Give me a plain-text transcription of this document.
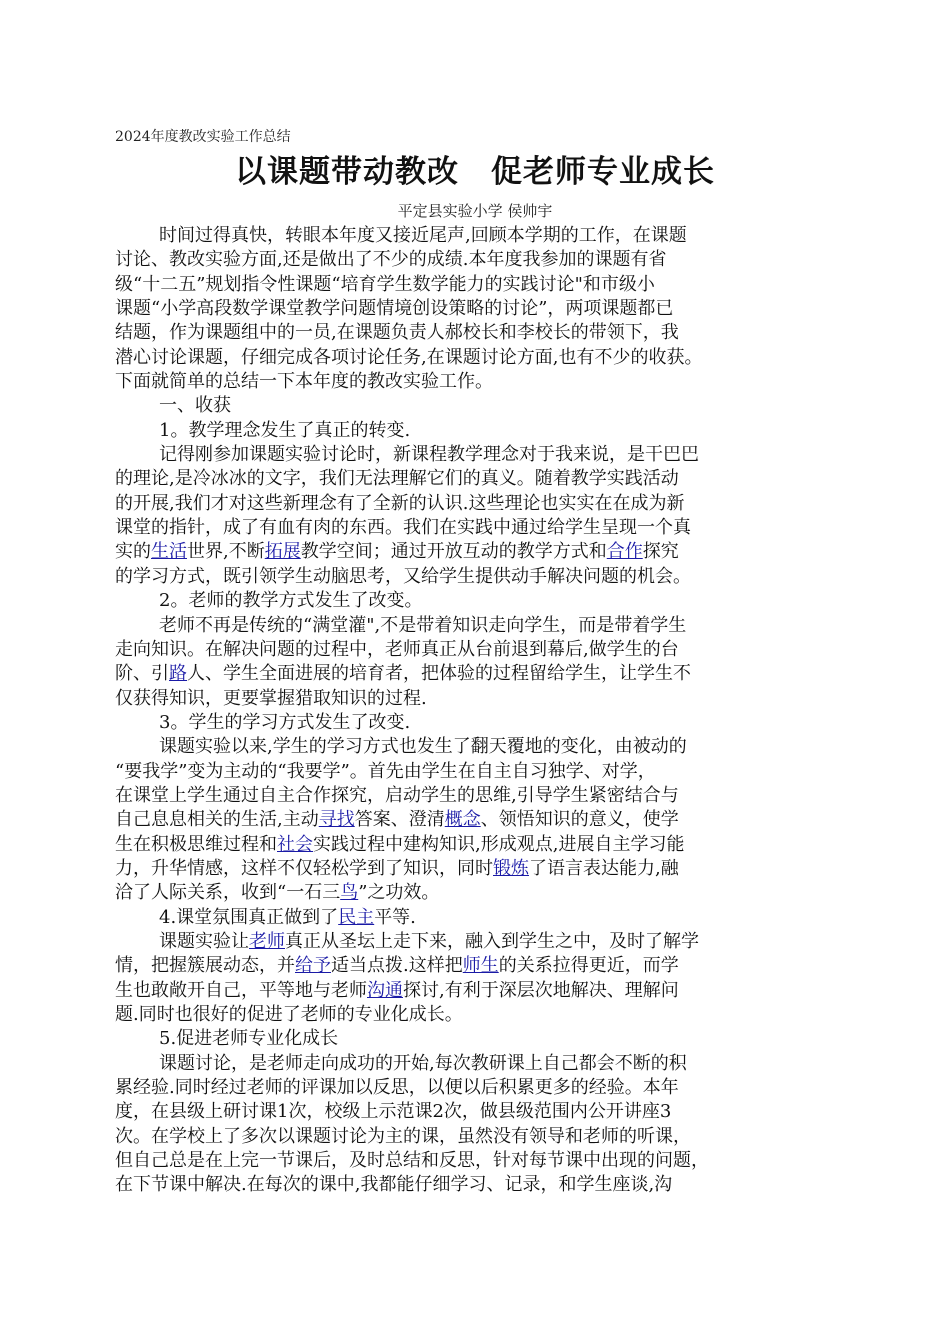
2024年度教改实验工作总结
以课题带动教改　促老师专业成长
平定县实验小学 侯帅宇
时间过得真快，转眼本年度又接近尾声,回顾本学期的工作，在课题
讨论、教改实验方面,还是做出了不少的成绩.本年度我参加的课题有省
级“十二五”规划指令性课题“培育学生数学能力的实践讨论"和市级小
课题“小学高段数学课堂教学问题情境创设策略的讨论”，两项课题都已
结题，作为课题组中的一员,在课题负责人郝校长和李校长的带领下，我
潜心讨论课题，仔细完成各项讨论任务,在课题讨论方面,也有不少的收获。
下面就简单的总结一下本年度的教改实验工作。
一、收获
1。教学理念发生了真正的转变.
记得刚参加课题实验讨论时，新课程教学理念对于我来说，是干巴巴
的理论,是冷冰冰的文字，我们无法理解它们的真义。随着教学实践活动
的开展,我们才对这些新理念有了全新的认识.这些理论也实实在在成为新
课堂的指针，成了有血有肉的东西。我们在实践中通过给学生呈现一个真
实的生活世界,不断拓展教学空间；通过开放互动的教学方式和合作探究
的学习方式，既引领学生动脑思考，又给学生提供动手解决问题的机会。
2。老师的教学方式发生了改变。
老师不再是传统的“满堂灌",不是带着知识走向学生，而是带着学生
走向知识。在解决问题的过程中，老师真正从台前退到幕后,做学生的台
阶、引路人、学生全面进展的培育者，把体验的过程留给学生，让学生不
仅获得知识，更要掌握猎取知识的过程.
3。学生的学习方式发生了改变.
课题实验以来,学生的学习方式也发生了翻天覆地的变化，由被动的
“要我学”变为主动的“我要学”。首先由学生在自主自习独学、对学，
在课堂上学生通过自主合作探究，启动学生的思维,引导学生紧密结合与
自己息息相关的生活,主动寻找答案、澄清概念、领悟知识的意义，使学
生在积极思维过程和社会实践过程中建构知识,形成观点,进展自主学习能
力，升华情感，这样不仅轻松学到了知识，同时锻炼了语言表达能力,融
洽了人际关系，收到“一石三鸟”之功效。
4.课堂氛围真正做到了民主平等.
课题实验让老师真正从圣坛上走下来，融入到学生之中，及时了解学
情，把握簇展动态，并给予适当点拨.这样把师生的关系拉得更近，而学
生也敢敞开自己，平等地与老师沟通探讨,有利于深层次地解决、理解问
题.同时也很好的促进了老师的专业化成长。
5.促进老师专业化成长
课题讨论，是老师走向成功的开始,每次教研课上自己都会不断的积
累经验.同时经过老师的评课加以反思，以便以后积累更多的经验。本年
度，在县级上研讨课1次，校级上示范课2次，做县级范围内公开讲座3
次。在学校上了多次以课题讨论为主的课，虽然没有领导和老师的听课，
但自己总是在上完一节课后，及时总结和反思，针对每节课中出现的问题，
在下节课中解决.在每次的课中,我都能仔细学习、记录，和学生座谈,沟
